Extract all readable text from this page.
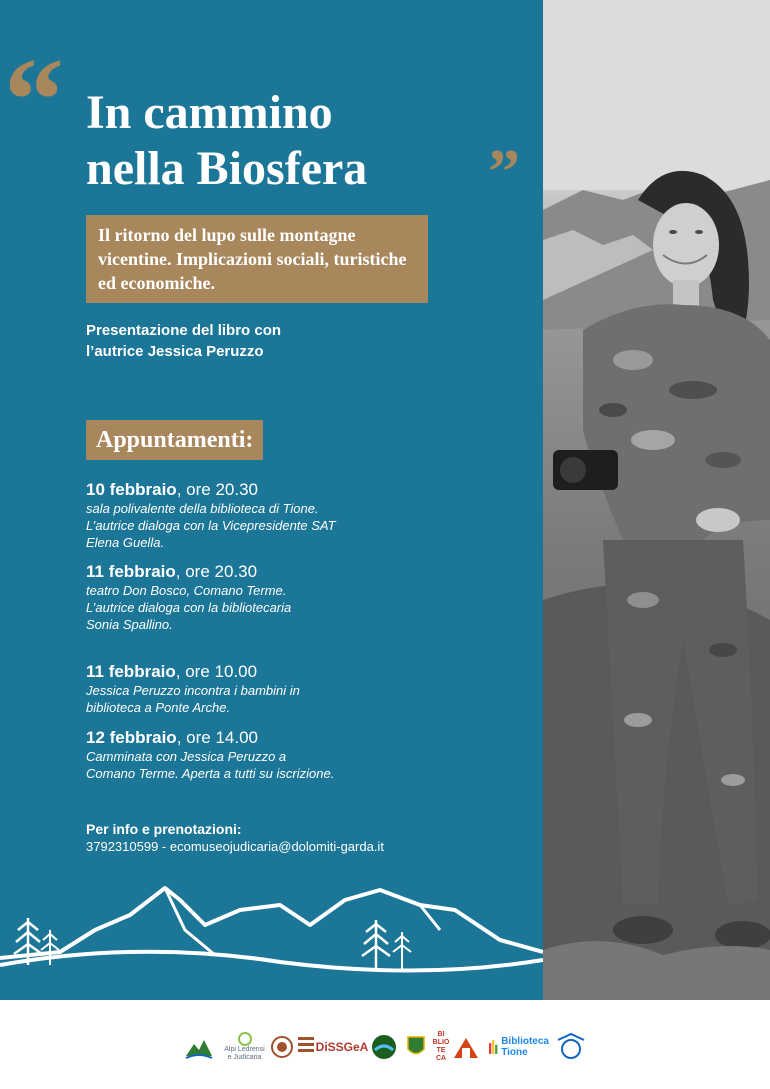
“ In cammino
nella Biosfera	”
Il ritorno del lupo sulle montagne vicentine. Implicazioni sociali, turistiche ed economiche.
Presentazione del libro con
l’autrice Jessica Peruzzo
Appuntamenti:
10 febbraio, ore 20.30
sala polivalente della biblioteca di Tione.
L’autrice dialoga con la Vicepresidente SAT
Elena Guella.
11 febbraio, ore 20.30
teatro Don Bosco, Comano Terme.
L’autrice dialoga con la bibliotecaria
Sonia Spallino.
11 febbraio, ore 10.00
Jessica Peruzzo incontra i bambini in
biblioteca a Ponte Arche.
12 febbraio, ore 14.00
Camminata con Jessica Peruzzo a
Comano Terme. Aperta a tutti su iscrizione.
Per info e prenotazioni:
3792310599 - ecomuseojudicaria@dolomiti-garda.it
Alpi Ledrensi
e Judicaria
DiSSGeA
BI
BLIO
TE
CA
Biblioteca
Tione
